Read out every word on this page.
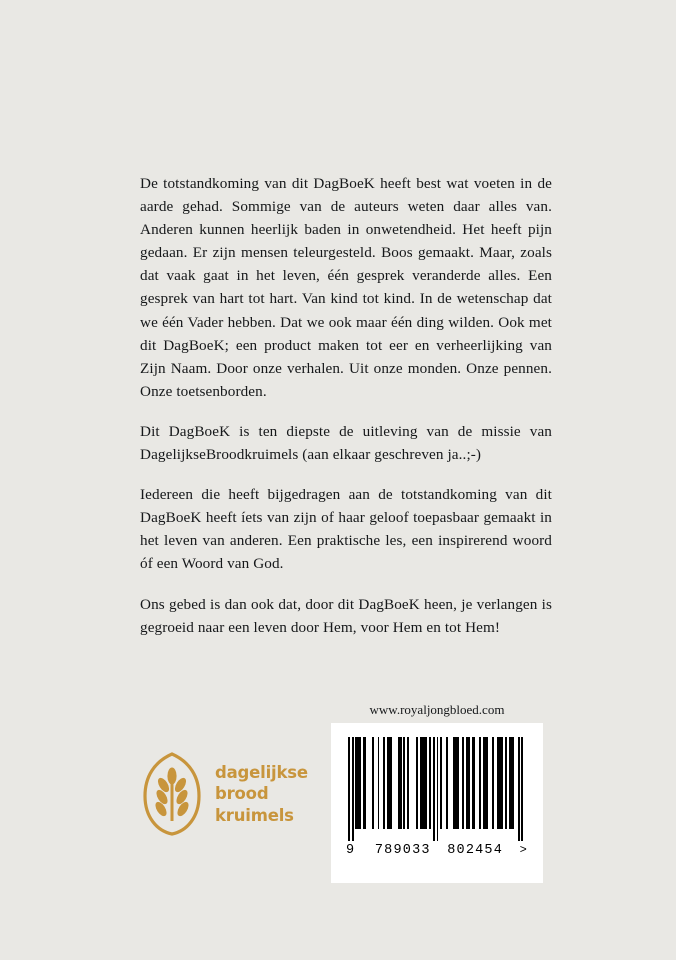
De totstandkoming van dit DagBoeK heeft best wat voeten in de aarde gehad. Sommige van de auteurs weten daar alles van. Anderen kunnen heerlijk baden in onwetendheid. Het heeft pijn gedaan. Er zijn mensen teleurgesteld. Boos gemaakt. Maar, zoals dat vaak gaat in het leven, één gesprek veranderde alles. Een gesprek van hart tot hart. Van kind tot kind. In de wetenschap dat we één Vader hebben. Dat we ook maar één ding wilden. Ook met dit DagBoeK; een product maken tot eer en verheerlijking van Zijn Naam. Door onze verhalen. Uit onze monden. Onze pennen. Onze toetsenborden.

Dit DagBoeK is ten diepste de uitleving van de missie van DagelijkseBroodkruimels (aan elkaar geschreven ja..;-)

Iedereen die heeft bijgedragen aan de totstandkoming van dit DagBoeK heeft íets van zijn of haar geloof toepasbaar gemaakt in het leven van anderen. Een praktische les, een inspirerend woord óf een Woord van God.

Ons gebed is dan ook dat, door dit DagBoeK heen, je verlangen is gegroeid naar een leven door Hem, voor Hem en tot Hem!

www.royaljongbloed.com
9 789033 802454 >
dagelijkse
brood
kruimels
